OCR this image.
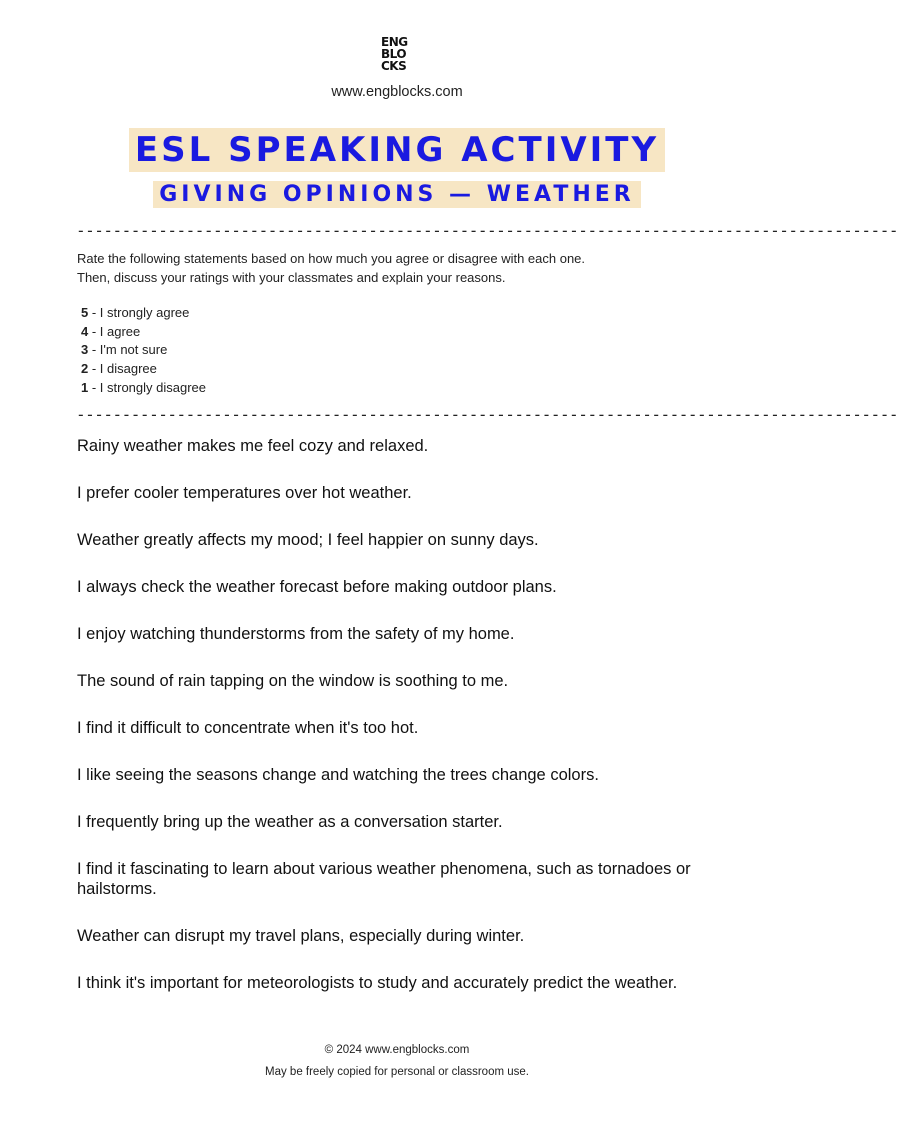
ENG
BLO
CKS
www.engblocks.com
ESL SPEAKING ACTIVITY
GIVING OPINIONS — WEATHER
------------------------------------------------------------------------------------------

Rate the following statements based on how much you agree or disagree with each one.

Then, discuss your ratings with your classmates and explain your reasons.

5 - I strongly agree
4 - I agree
3 - I'm not sure
2 - I disagree
1 - I strongly disagree
------------------------------------------------------------------------------------------

Rainy weather makes me feel cozy and relaxed.

I prefer cooler temperatures over hot weather.

Weather greatly affects my mood; I feel happier on sunny days.

I always check the weather forecast before making outdoor plans.

I enjoy watching thunderstorms from the safety of my home.

The sound of rain tapping on the window is soothing to me.

I find it difficult to concentrate when it's too hot.

I like seeing the seasons change and watching the trees change colors.

I frequently bring up the weather as a conversation starter.

I find it fascinating to learn about various weather phenomena, such as tornadoes or hailstorms.

Weather can disrupt my travel plans, especially during winter.

I think it's important for meteorologists to study and accurately predict the weather.

© 2024 www.engblocks.com
May be freely copied for personal or classroom use.
